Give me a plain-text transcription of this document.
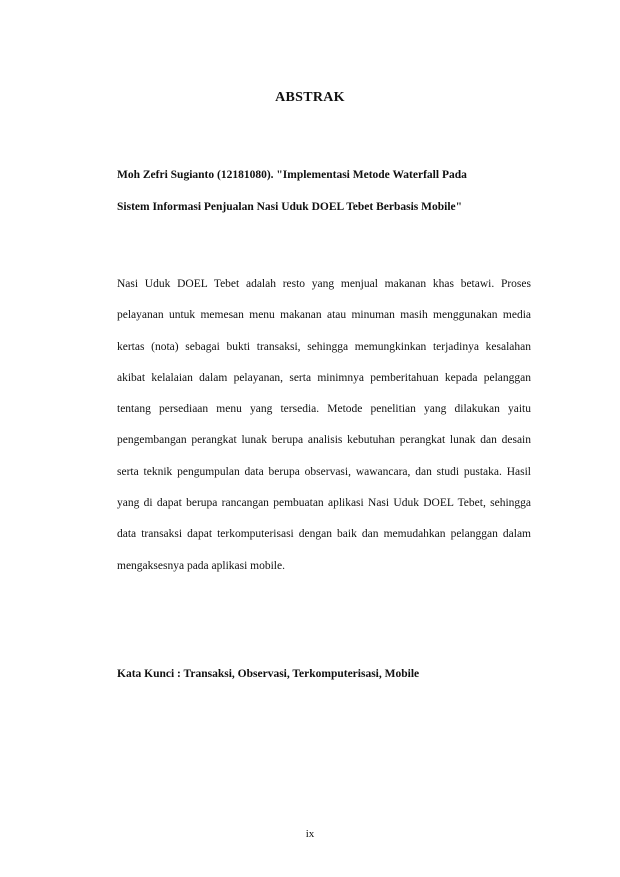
ABSTRAK
Moh Zefri Sugianto (12181080). "Implementasi Metode Waterfall Pada
Sistem Informasi Penjualan Nasi Uduk DOEL Tebet Berbasis Mobile"
Nasi Uduk DOEL Tebet adalah resto yang menjual makanan khas betawi. Proses pelayanan untuk memesan menu makanan atau minuman masih menggunakan media kertas (nota) sebagai bukti transaksi, sehingga memungkinkan terjadinya kesalahan akibat kelalaian dalam pelayanan, serta minimnya pemberitahuan kepada pelanggan tentang persediaan menu yang tersedia. Metode penelitian yang dilakukan yaitu pengembangan perangkat lunak berupa analisis kebutuhan perangkat lunak dan desain serta teknik pengumpulan data berupa observasi, wawancara, dan studi pustaka. Hasil yang di dapat berupa rancangan pembuatan aplikasi Nasi Uduk DOEL Tebet, sehingga data transaksi dapat terkomputerisasi dengan baik dan memudahkan pelanggan dalam mengaksesnya pada aplikasi mobile.
Kata Kunci : Transaksi, Observasi, Terkomputerisasi, Mobile
ix
